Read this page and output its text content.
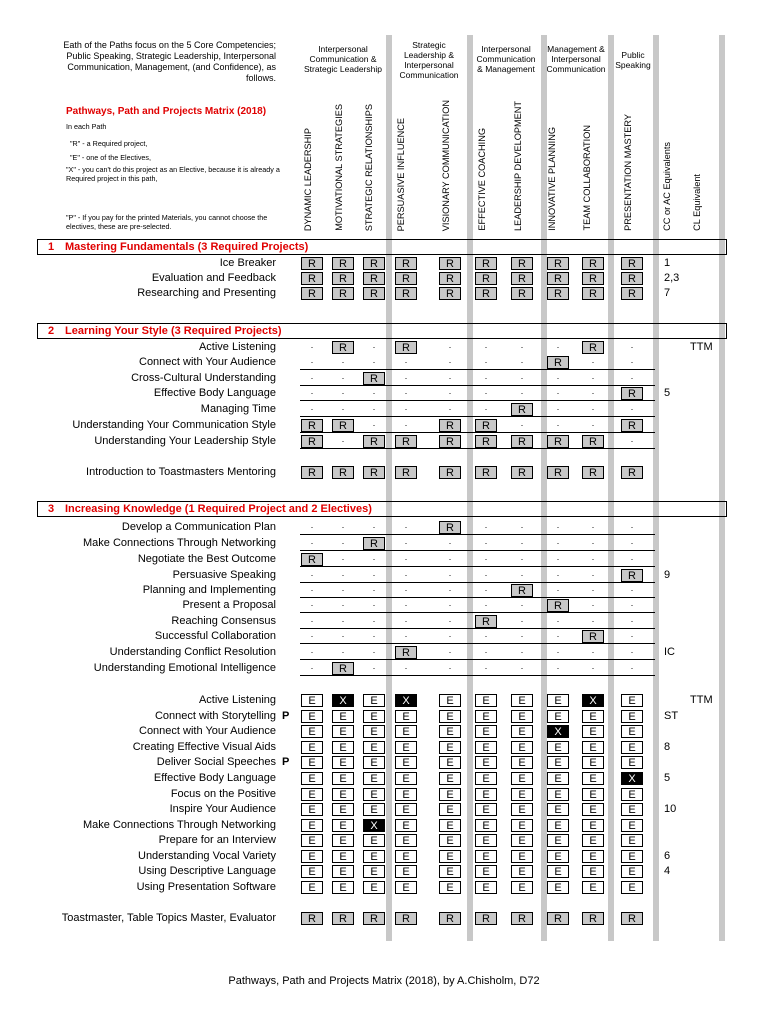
Eath of the Paths focus on the 5 Core Competencies; Public Speaking, Strategic Leadership, Interpersonal Communication, Management, (and Confidence), as follows.
Pathways, Path and Projects Matrix (2018)
In each Path
"R" - a Required project,
"E" - one of the Electives,
"X" - you can't do this project as an Elective, because it is already a Required project in this path,
"P" - If you pay for the printed Materials, you cannot choose the electives, these are pre-selected.
Interpersonal Communication & Strategic Leadership
Strategic Leadership & Interpersonal Communication
Interpersonal Communication & Management
Management & Interpersonal Communication
Public Speaking
DYNAMIC LEADERSHIP MOTIVATIONAL STRATEGIES STRATEGIC RELATIONSHIPS PERSUASIVE INFLUENCE	VISIONARY COMMUNICATION	EFFECTIVE COACHING	LEADERSHIP DEVELOPMENT	INNOVATIVE PLANNING	TEAM COLLABORATION	PRESENTATION MASTERY	CC or AC Equivalents CL Equivalent
1 Mastering Fundamentals (3 Required Projects)
2 Learning Your Style (3 Required Projects)
3 Increasing Knowledge (1 Required Project and 2 Electives)
Ice Breaker	R	R	R	R	R	R	R	R	R	R	1
Evaluation and Feedback	R	R	R	R	R	R	R	R	R	R	2,3
Researching and Presenting	R	R	R	R	R	R	R	R	R	R	7
Active Listening	.	R	.	R	.	.	.	.	R	.	TTM
Connect with Your Audience	.	.	.	.	.	.	.	R	.	.
Cross-Cultural Understanding	.	.	R	.	.	.	.	.	.	.
Effective Body Language	.	.	.	.	.	.	.	.	.	R	5
Managing Time	.	.	.	.	.	.	R	.	.	.
Understanding Your Communication Style	R	R	.	.	R	R	.	.	.	R
Understanding Your Leadership Style	R	.	R	R	R	R	R	R	R	.
Introduction to Toastmasters Mentoring	R	R	R	R	R	R	R	R	R	R
Develop a Communication Plan	.	.	.	.	R	.	.	.	.	.
Make Connections Through Networking	.	.	R	.	.	.	.	.	.	.
Negotiate the Best Outcome	R	.	.	.	.	.	.	.	.	.
Persuasive Speaking	.	.	.	.	.	.	.	.	.	R	9
Planning and Implementing	.	.	.	.	.	.	R	.	.	.
Present a Proposal	.	.	.	.	.	.	.	R	.	.
Reaching Consensus	.	.	.	.	.	R	.	.	.	.
Successful Collaboration	.	.	.	.	.	.	.	.	R	.
Understanding Conflict Resolution	.	.	.	R	.	.	.	.	.	.	IC
Understanding Emotional Intelligence	.	R	.	.	.	.	.	.	.	.
Active Listening	E	X	E	X	E	E	E	E	X	E	TTM
Connect with Storytelling P	E	E	E	E	E	E	E	E	E	E	ST
Connect with Your Audience	E	E	E	E	E	E	E	X	E	E
Creating Effective Visual Aids	E	E	E	E	E	E	E	E	E	E	8
Deliver Social Speeches P	E	E	E	E	E	E	E	E	E	E
Effective Body Language	E	E	E	E	E	E	E	E	E	X	5
Focus on the Positive	E	E	E	E	E	E	E	E	E	E
Inspire Your Audience	E	E	E	E	E	E	E	E	E	E	10
Make Connections Through Networking	E	E	X	E	E	E	E	E	E	E
Prepare for an Interview	E	E	E	E	E	E	E	E	E	E
Understanding Vocal Variety	E	E	E	E	E	E	E	E	E	E	6
Using Descriptive Language	E	E	E	E	E	E	E	E	E	E	4
Using Presentation Software	E	E	E	E	E	E	E	E	E	E
Toastmaster, Table Topics Master, Evaluator	R	R	R	R	R	R	R	R	R	R
Pathways, Path and Projects Matrix (2018), by A.Chisholm, D72
